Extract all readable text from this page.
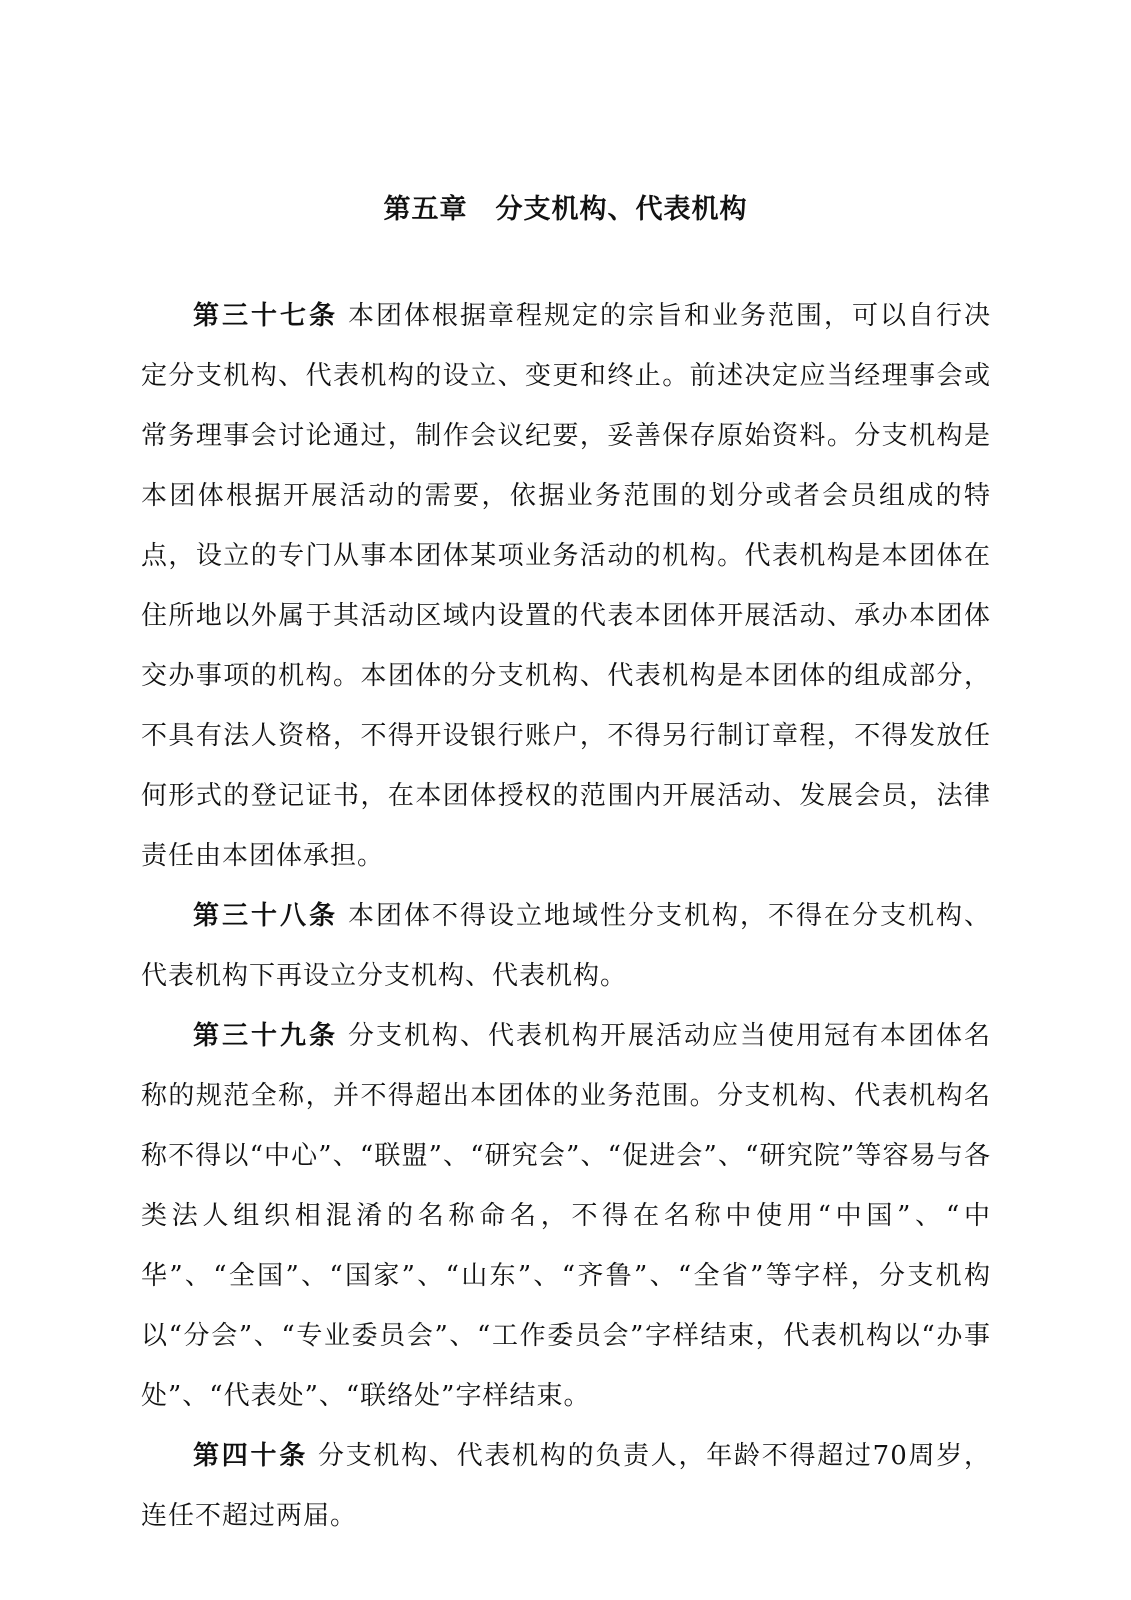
第五章　分支机构、代表机构

第三十七条 本团体根据章程规定的宗旨和业务范围，可以自行决定分支机构、代表机构的设立、变更和终止。前述决定应当经理事会或常务理事会讨论通过，制作会议纪要，妥善保存原始资料。分支机构是本团体根据开展活动的需要，依据业务范围的划分或者会员组成的特点，设立的专门从事本团体某项业务活动的机构。代表机构是本团体在住所地以外属于其活动区域内设置的代表本团体开展活动、承办本团体交办事项的机构。本团体的分支机构、代表机构是本团体的组成部分，不具有法人资格，不得开设银行账户，不得另行制订章程，不得发放任何形式的登记证书，在本团体授权的范围内开展活动、发展会员，法律责任由本团体承担。

第三十八条 本团体不得设立地域性分支机构，不得在分支机构、代表机构下再设立分支机构、代表机构。

第三十九条 分支机构、代表机构开展活动应当使用冠有本团体名称的规范全称，并不得超出本团体的业务范围。分支机构、代表机构名称不得以“中心”、“联盟”、“研究会”、“促进会”、“研究院”等容易与各类法人组织相混淆的名称命名，不得在名称中使用“中国”、“中华”、“全国”、“国家”、“山东”、“齐鲁”、“全省”等字样，分支机构以“分会”、“专业委员会”、“工作委员会”字样结束，代表机构以“办事处”、“代表处”、“联络处”字样结束。

第四十条 分支机构、代表机构的负责人，年龄不得超过70周岁，连任不超过两届。
